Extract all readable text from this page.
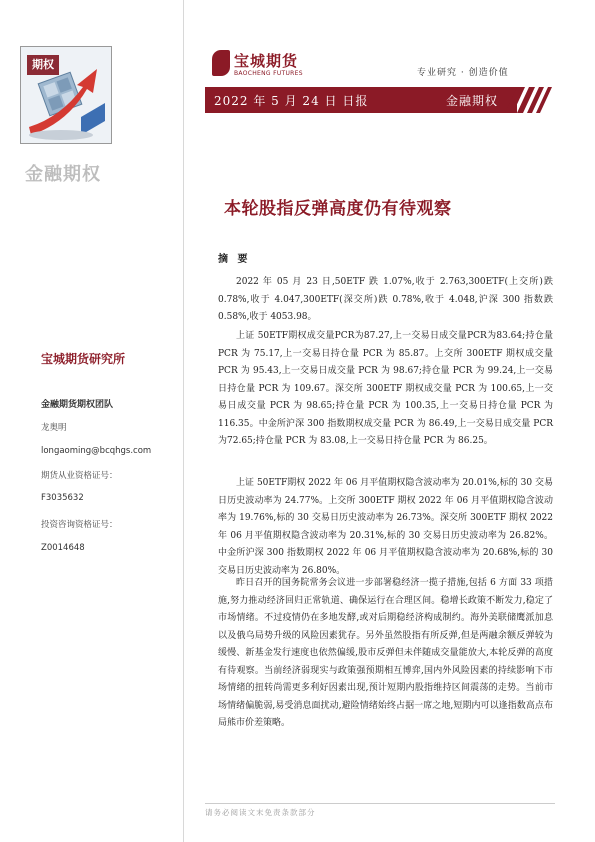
期权
金融期权
宝城期货研究所
金融期货期权团队
龙奥明
longaoming@bcqhgs.com
期货从业资格证号：
F3035632
投资咨询资格证号：
Z0014648
宝城期货
BAOCHENG FUTURES	专业研究 · 创造价值
2022 年 5 月 24 日 日报	金融期权
本轮股指反弹高度仍有待观察
摘 要

2022 年 05 月 23 日,50ETF 跌 1.07%,收于 2.763,300ETF(上交所)跌 0.78%,收于 4.047,300ETF(深交所)跌 0.78%,收于 4.048,沪深 300 指数跌 0.58%,收于 4053.98。

上证 50ETF期权成交量PCR为87.27,上一交易日成交量PCR为83.64;持仓量 PCR 为 75.17,上一交易日持仓量 PCR 为 85.87。上交所 300ETF 期权成交量 PCR 为 95.43,上一交易日成交量 PCR 为 98.67;持仓量 PCR 为 99.24,上一交易日持仓量 PCR 为 109.67。深交所 300ETF 期权成交量 PCR 为 100.65,上一交易日成交量 PCR 为 98.65;持仓量 PCR 为 100.35,上一交易日持仓量 PCR 为 116.35。中金所沪深 300 指数期权成交量 PCR 为 86.49,上一交易日成交量 PCR 为72.65;持仓量 PCR 为 83.08,上一交易日持仓量 PCR 为 86.25。

上证 50ETF期权 2022 年 06 月平值期权隐含波动率为 20.01%,标的 30 交易日历史波动率为 24.77%。上交所 300ETF 期权 2022 年 06 月平值期权隐含波动率为 19.76%,标的 30 交易日历史波动率为 26.73%。深交所 300ETF 期权 2022 年 06 月平值期权隐含波动率为 20.31%,标的 30 交易日历史波动率为 26.82%。中金所沪深 300 指数期权 2022 年 06 月平值期权隐含波动率为 20.68%,标的 30 交易日历史波动率为 26.80%。

昨日召开的国务院常务会议进一步部署稳经济一揽子措施,包括 6 方面 33 项措施,努力推动经济回归正常轨道、确保运行在合理区间。稳增长政策不断发力,稳定了市场情绪。不过疫情仍在多地发酵,或对后期稳经济构成制约。海外美联储鹰派加息以及俄乌局势升级的风险因素犹存。另外虽然股指有所反弹,但是两融余额反弹较为缓慢、新基金发行速度也依然偏缓,股市反弹但未伴随成交量能放大,本轮反弹的高度有待观察。当前经济弱现实与政策强预期相互博弈,国内外风险因素的持续影响下市场情绪的扭转尚需更多利好因素出现,预计短期内股指维持区间震荡的走势。当前市场情绪偏脆弱,易受消息面扰动,避险情绪始终占据一席之地,短期内可以逢指数高点布局熊市价差策略。

请务必阅读文末免责条款部分
